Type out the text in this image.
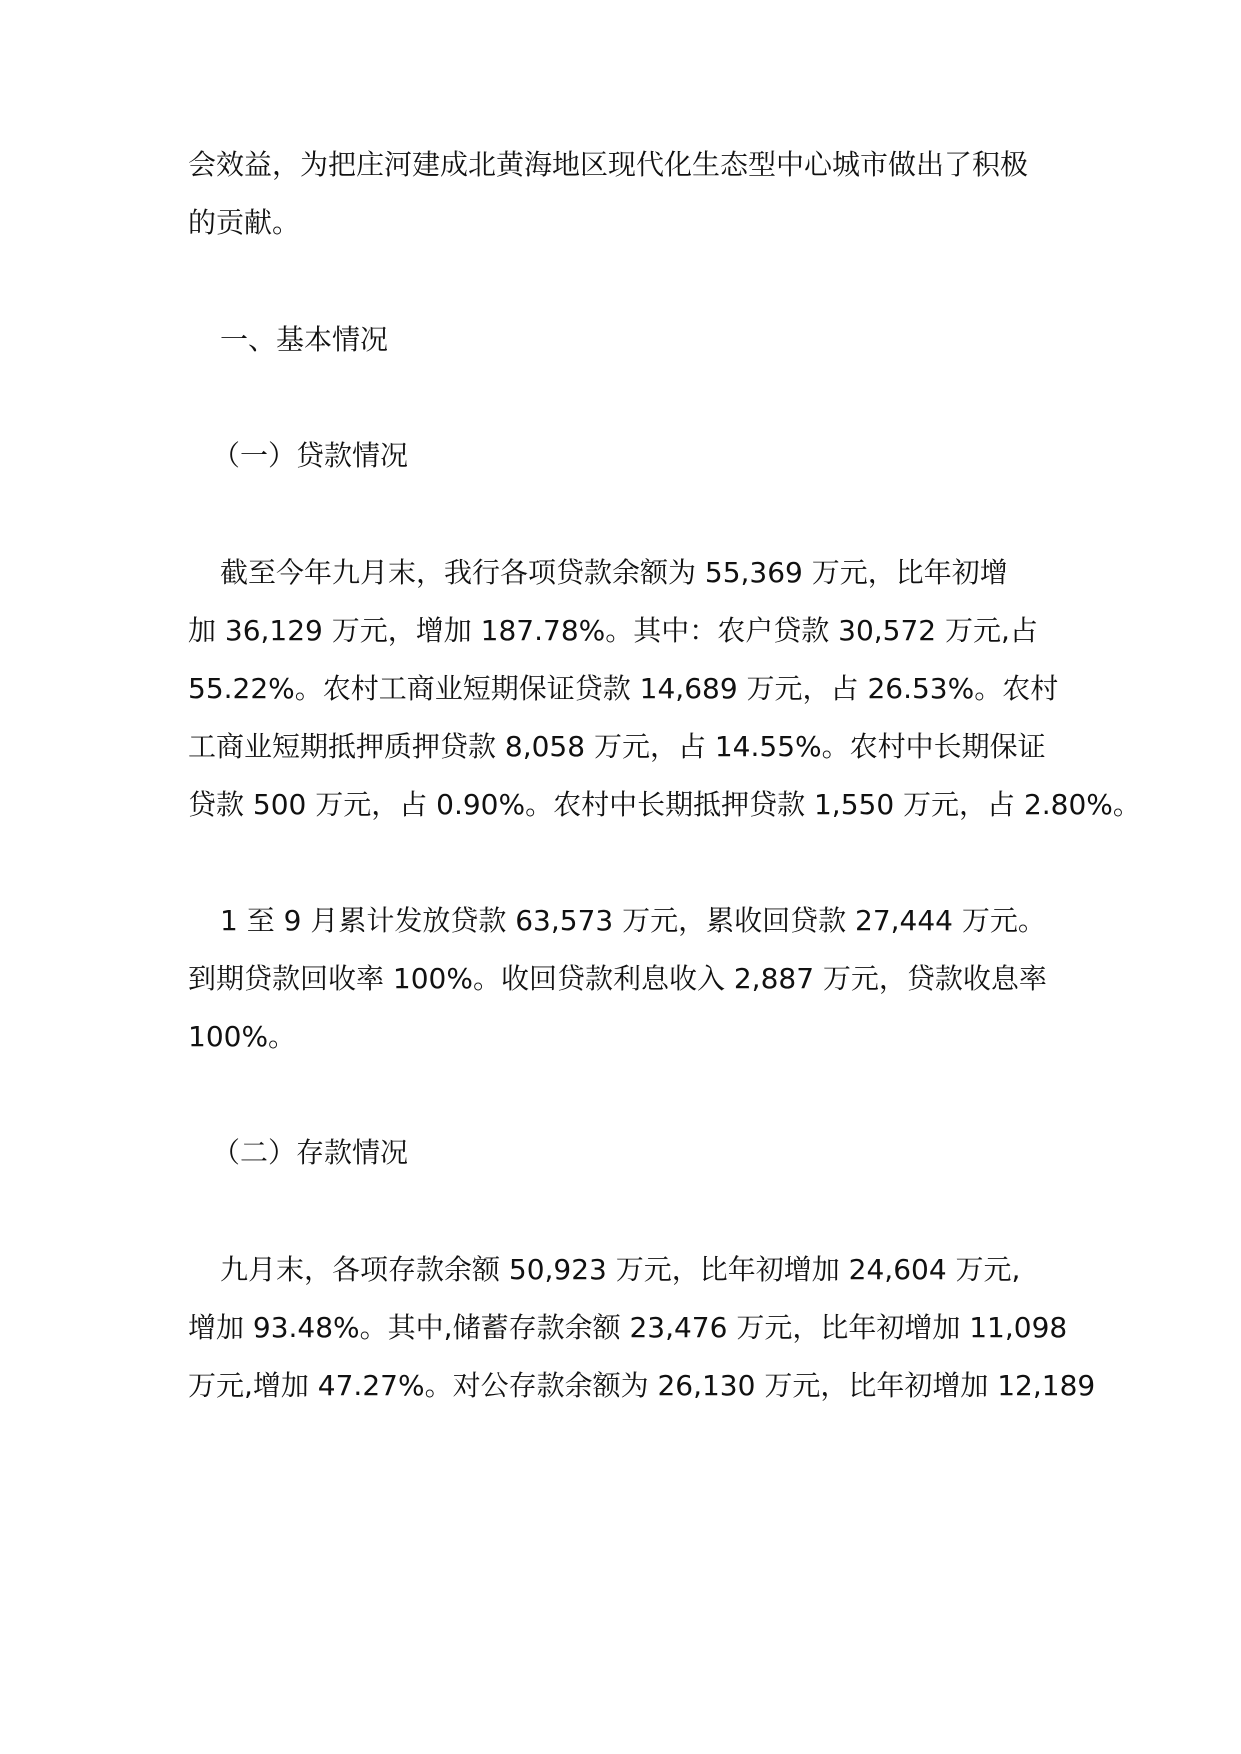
会效益，为把庄河建成北黄海地区现代化生态型中心城市做出了积极

的贡献。

一、基本情况

（一）贷款情况

截至今年九月末，我行各项贷款余额为 55,369 万元，比年初增

加 36,129 万元，增加 187.78%。其中：农户贷款 30,572 万元,占

55.22%。农村工商业短期保证贷款 14,689 万元，占 26.53%。农村

工商业短期抵押质押贷款 8,058 万元，占 14.55%。农村中长期保证

贷款 500 万元，占 0.90%。农村中长期抵押贷款 1,550 万元，占 2.80%。

1 至 9 月累计发放贷款 63,573 万元，累收回贷款 27,444 万元。

到期贷款回收率 100%。收回贷款利息收入 2,887 万元，贷款收息率

100%。

（二）存款情况

九月末，各项存款余额 50,923 万元，比年初增加 24,604 万元,

增加 93.48%。其中,储蓄存款余额 23,476 万元，比年初增加 11,098

万元,增加 47.27%。对公存款余额为 26,130 万元，比年初增加 12,189
